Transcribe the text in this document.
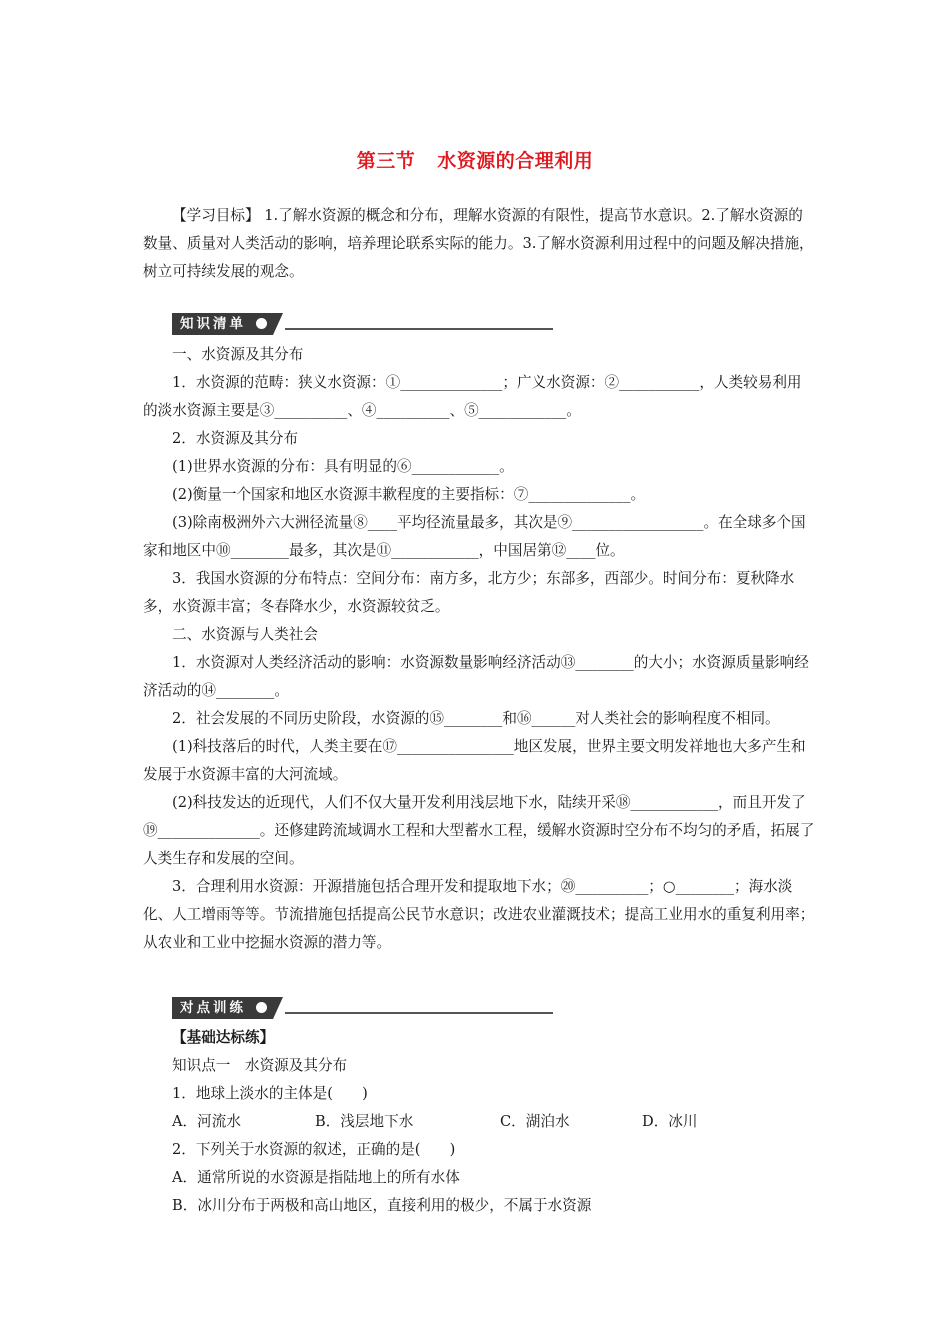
第三节 水资源的合理利用

【学习目标】 1.了解水资源的概念和分布，理解水资源的有限性，提高节水意识。2.了解水资源的数量、质量对人类活动的影响，培养理论联系实际的能力。3.了解水资源利用过程中的问题及解决措施，树立可持续发展的观念。

知识清单

一、水资源及其分布

1．水资源的范畴：狭义水资源：①______________；广义水资源：②___________，人类较易利用的淡水资源主要是③__________、④__________、⑤____________。

2．水资源及其分布

(1)世界水资源的分布：具有明显的⑥____________。

(2)衡量一个国家和地区水资源丰歉程度的主要指标：⑦______________。

(3)除南极洲外六大洲径流量⑧____平均径流量最多，其次是⑨__________________。在全球多个国家和地区中⑩________最多，其次是⑪____________，中国居第⑫____位。

3．我国水资源的分布特点：空间分布：南方多，北方少；东部多，西部少。时间分布：夏秋降水多，水资源丰富；冬春降水少，水资源较贫乏。

二、水资源与人类社会

1．水资源对人类经济活动的影响：水资源数量影响经济活动⑬________的大小；水资源质量影响经济活动的⑭________。

2．社会发展的不同历史阶段，水资源的⑮________和⑯______对人类社会的影响程度不相同。

(1)科技落后的时代，人类主要在⑰________________地区发展，世界主要文明发祥地也大多产生和发展于水资源丰富的大河流域。

(2)科技发达的近现代，人们不仅大量开发利用浅层地下水，陆续开采⑱____________，而且开发了⑲______________。还修建跨流域调水工程和大型蓄水工程，缓解水资源时空分布不均匀的矛盾，拓展了人类生存和发展的空间。

3．合理利用水资源：开源措施包括合理开发和提取地下水；⑳__________；○________；海水淡化、人工增雨等等。节流措施包括提高公民节水意识；改进农业灌溉技术；提高工业用水的重复利用率；从农业和工业中挖掘水资源的潜力等。

对点训练

【基础达标练】

知识点一　水资源及其分布

1．地球上淡水的主体是(　　)

A．河流水	B．浅层地下水	C．湖泊水	D．冰川

2．下列关于水资源的叙述，正确的是(　　)

A．通常所说的水资源是指陆地上的所有水体

B．冰川分布于两极和高山地区，直接利用的极少，不属于水资源
